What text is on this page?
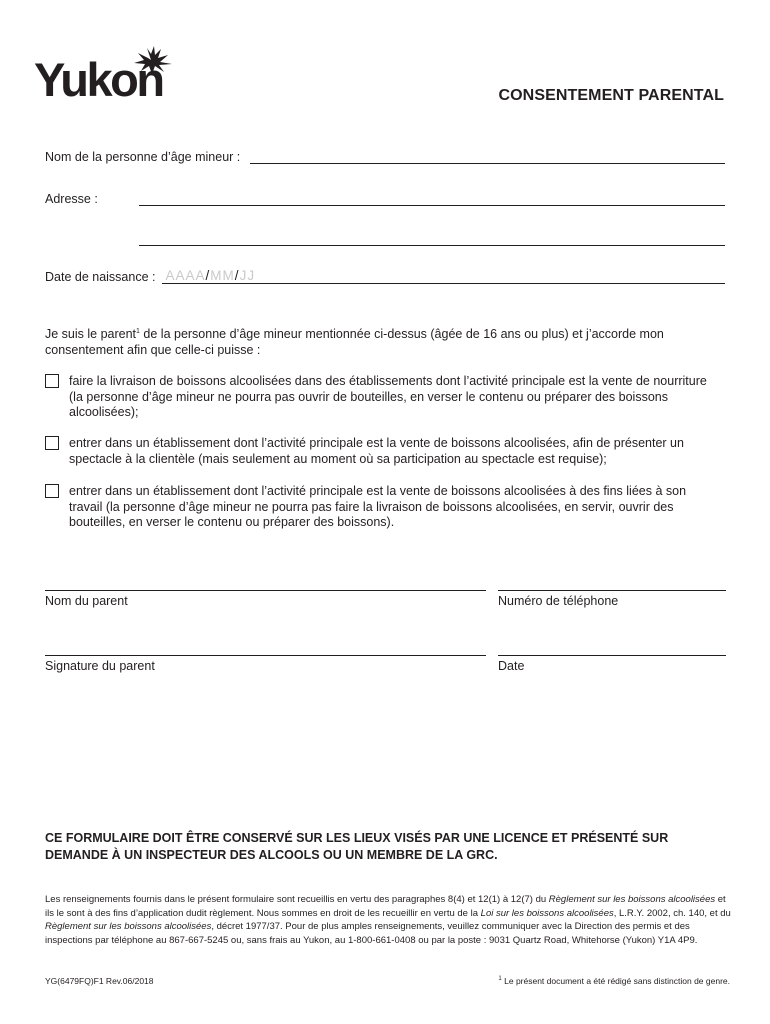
Yukon	CONSENTEMENT PARENTAL
Nom de la personne d’âge mineur :
Adresse :
Date de naissance : AAAA/MM/JJ
Je suis le parent$^1$ de la personne d’âge mineur mentionnée ci-dessus (âgée de 16 ans ou plus) et j’accorde mon consentement afin que celle-ci puisse :
faire la livraison de boissons alcoolisées dans des établissements dont l’activité principale est la vente de nourriture (la personne d’âge mineur ne pourra pas ouvrir de bouteilles, en verser le contenu ou préparer des boissons alcoolisées);
entrer dans un établissement dont l’activité principale est la vente de boissons alcoolisées, afin de présenter un spectacle à la clientèle (mais seulement au moment où sa participation au spectacle est requise);
entrer dans un établissement dont l’activité principale est la vente de boissons alcoolisées à des fins liées à son travail (la personne d’âge mineur ne pourra pas faire la livraison de boissons alcoolisées, en servir, ouvrir des bouteilles, en verser le contenu ou préparer des boissons).
Nom du parent	Numéro de téléphone
Signature du parent	Date
CE FORMULAIRE DOIT ÊTRE CONSERVÉ SUR LES LIEUX VISÉS PAR UNE LICENCE ET PRÉSENTÉ SUR DEMANDE À UN INSPECTEUR DES ALCOOLS OU UN MEMBRE DE LA GRC.
Les renseignements fournis dans le présent formulaire sont recueillis en vertu des paragraphes 8(4) et 12(1) à 12(7) du Règlement sur les boissons alcoolisées et ils le sont à des fins d’application dudit règlement. Nous sommes en droit de les recueillir en vertu de la Loi sur les boissons alcoolisées, L.R.Y. 2002, ch. 140, et du Règlement sur les boissons alcoolisées, décret 1977/37. Pour de plus amples renseignements, veuillez communiquer avec la Direction des permis et des inspections par téléphone au 867-667-5245 ou, sans frais au Yukon, au 1-800-661-0408 ou par la poste : 9031 Quartz Road, Whitehorse (Yukon) Y1A 4P9.
YG(6479FQ)F1 Rev.06/2018	$^1$ Le présent document a été rédigé sans distinction de genre.
